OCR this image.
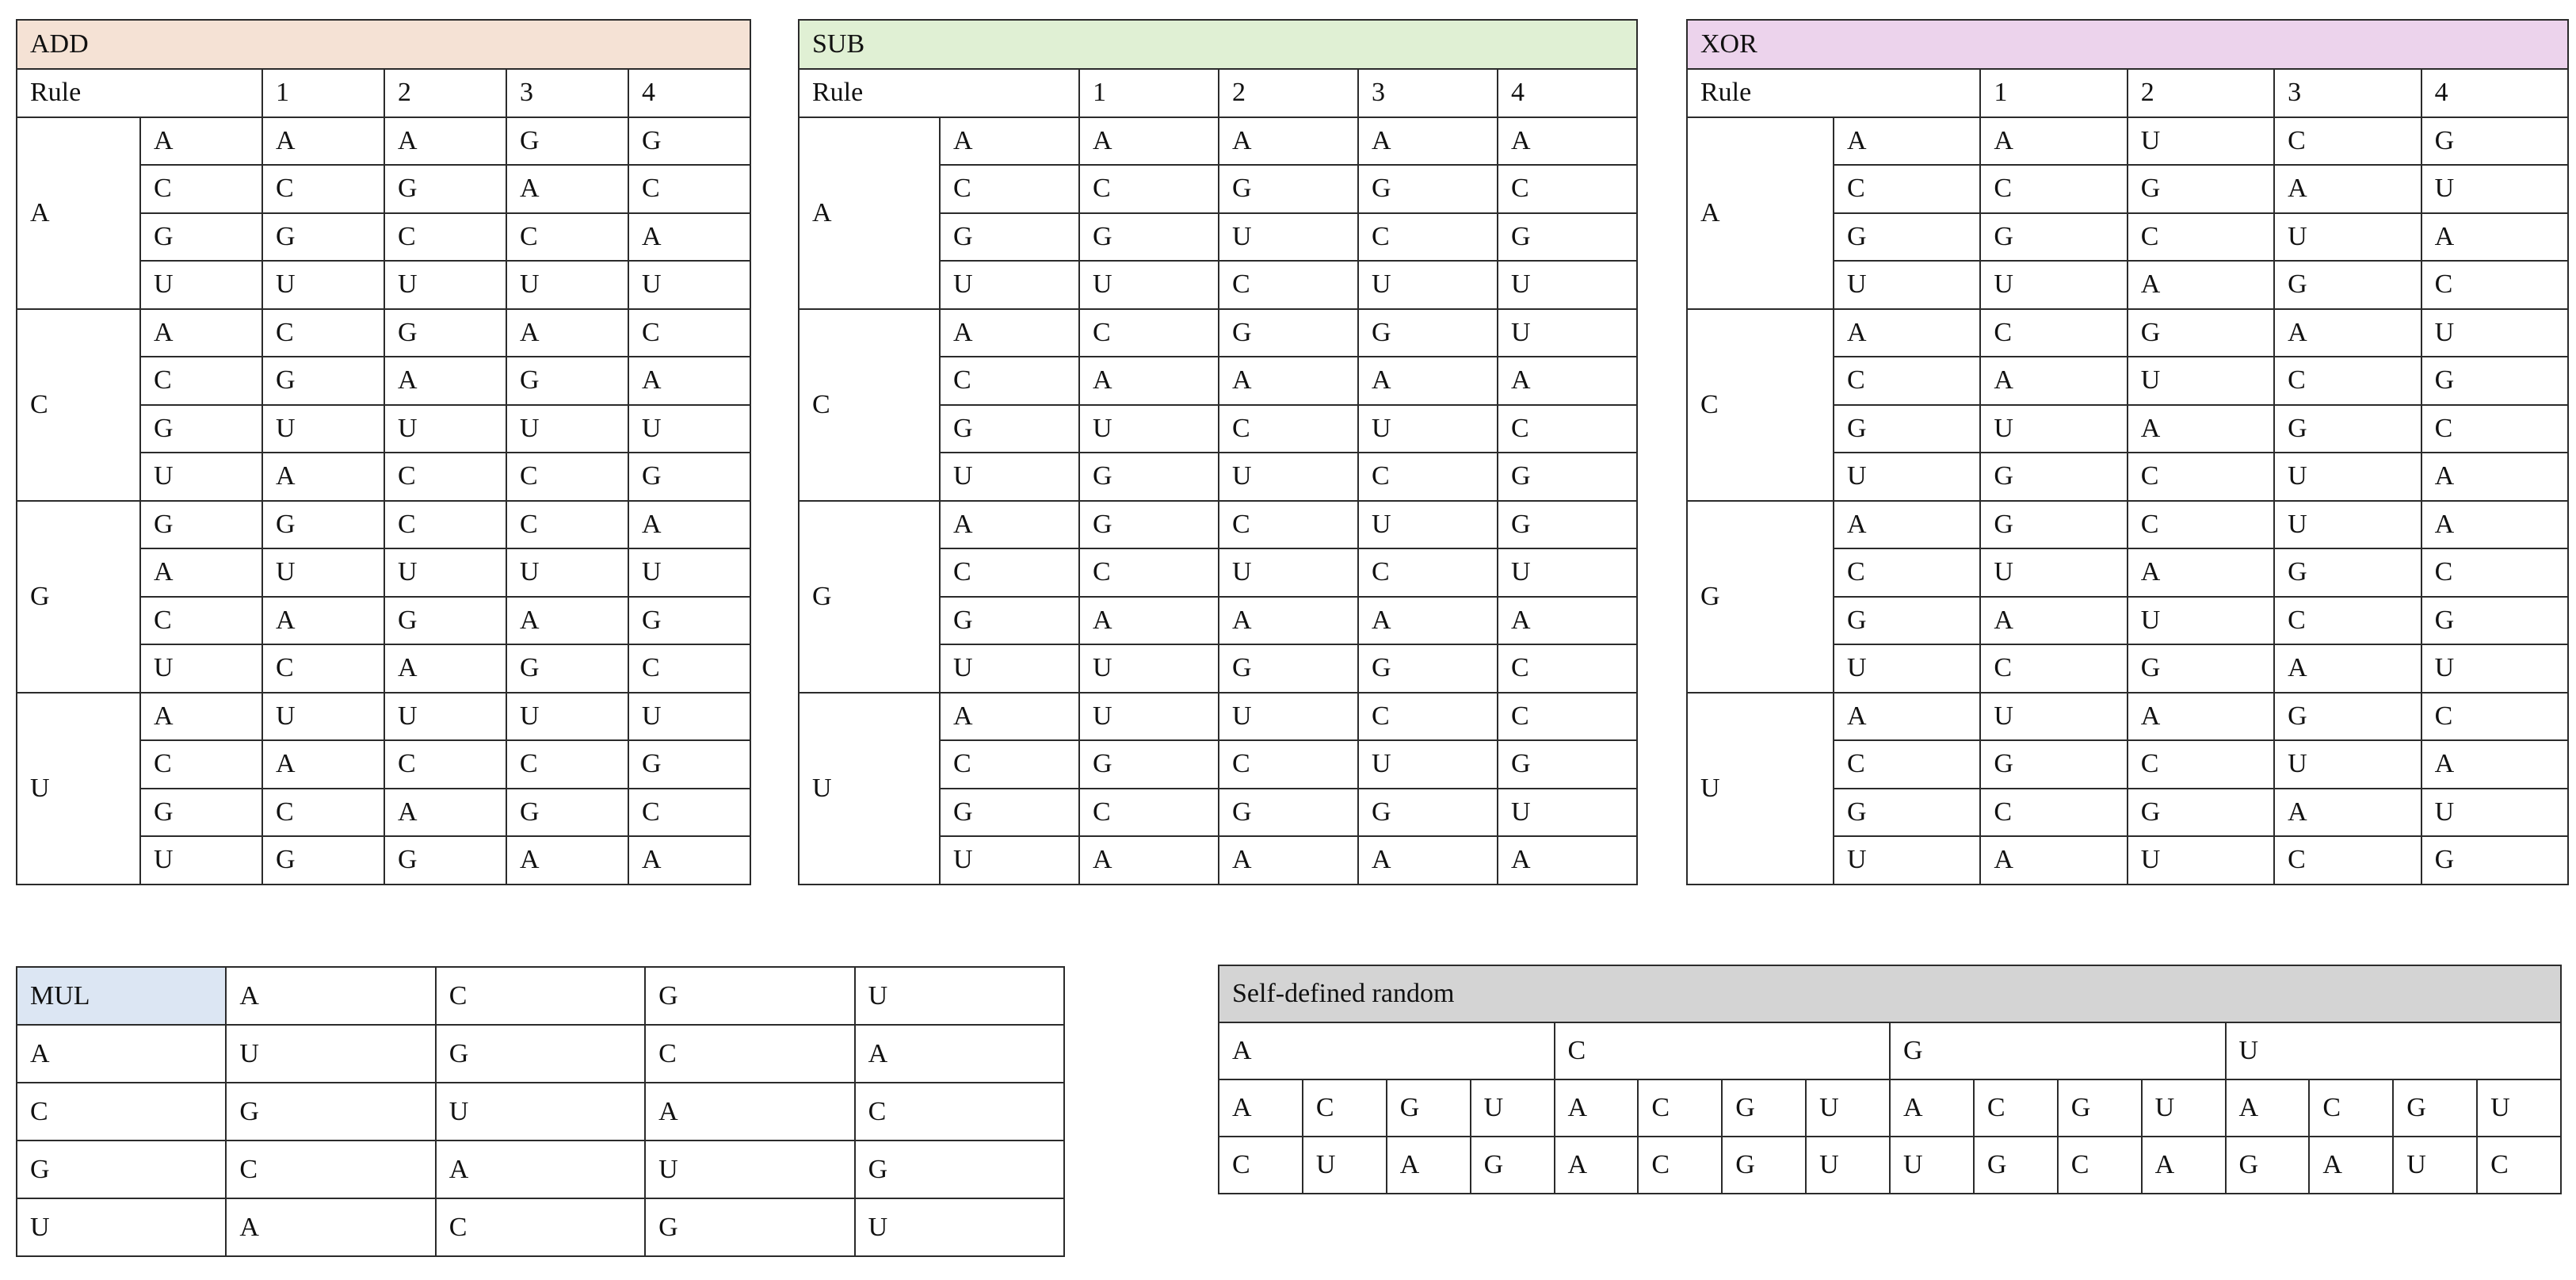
ADD					
Rule		1	2	3	4
A	A	A	A	G	G
	C	C	G	A	C
	G	G	C	C	A
	U	U	U	U	U
C	A	C	G	A	C
	C	G	A	G	A
	G	U	U	U	U
	U	A	C	C	G
G	G	G	C	C	A
	A	U	U	U	U
	C	A	G	A	G
	U	C	A	G	C
U	A	U	U	U	U
	C	A	C	C	G
	G	C	A	G	C
	U	G	G	A	A
SUB					
Rule		1	2	3	4
A	A	A	A	A	A
	C	C	G	G	C
	G	G	U	C	G
	U	U	C	U	U
C	A	C	G	G	U
	C	A	A	A	A
	G	U	C	U	C
	U	G	U	C	G
G	A	G	C	U	G
	C	C	U	C	U
	G	A	A	A	A
	U	U	G	G	C
U	A	U	U	C	C
	C	G	C	U	G
	G	C	G	G	U
	U	A	A	A	A
XOR					
Rule		1	2	3	4
A	A	A	U	C	G
	C	C	G	A	U
	G	G	C	U	A
	U	U	A	G	C
C	A	C	G	A	U
	C	A	U	C	G
	G	U	A	G	C
	U	G	C	U	A
G	A	G	C	U	A
	C	U	A	G	C
	G	A	U	C	G
	U	C	G	A	U
U	A	U	A	G	C
	C	G	C	U	A
	G	C	G	A	U
	U	A	U	C	G
MUL	A	C	G	U
A	U	G	C	A
C	G	U	A	C
G	C	A	U	G
U	A	C	G	U
Self-defined random															
A				C				G				U			
A	C	G	U	A	C	G	U	A	C	G	U	A	C	G	U
C	U	A	G	A	C	G	U	U	G	C	A	G	A	U	C
